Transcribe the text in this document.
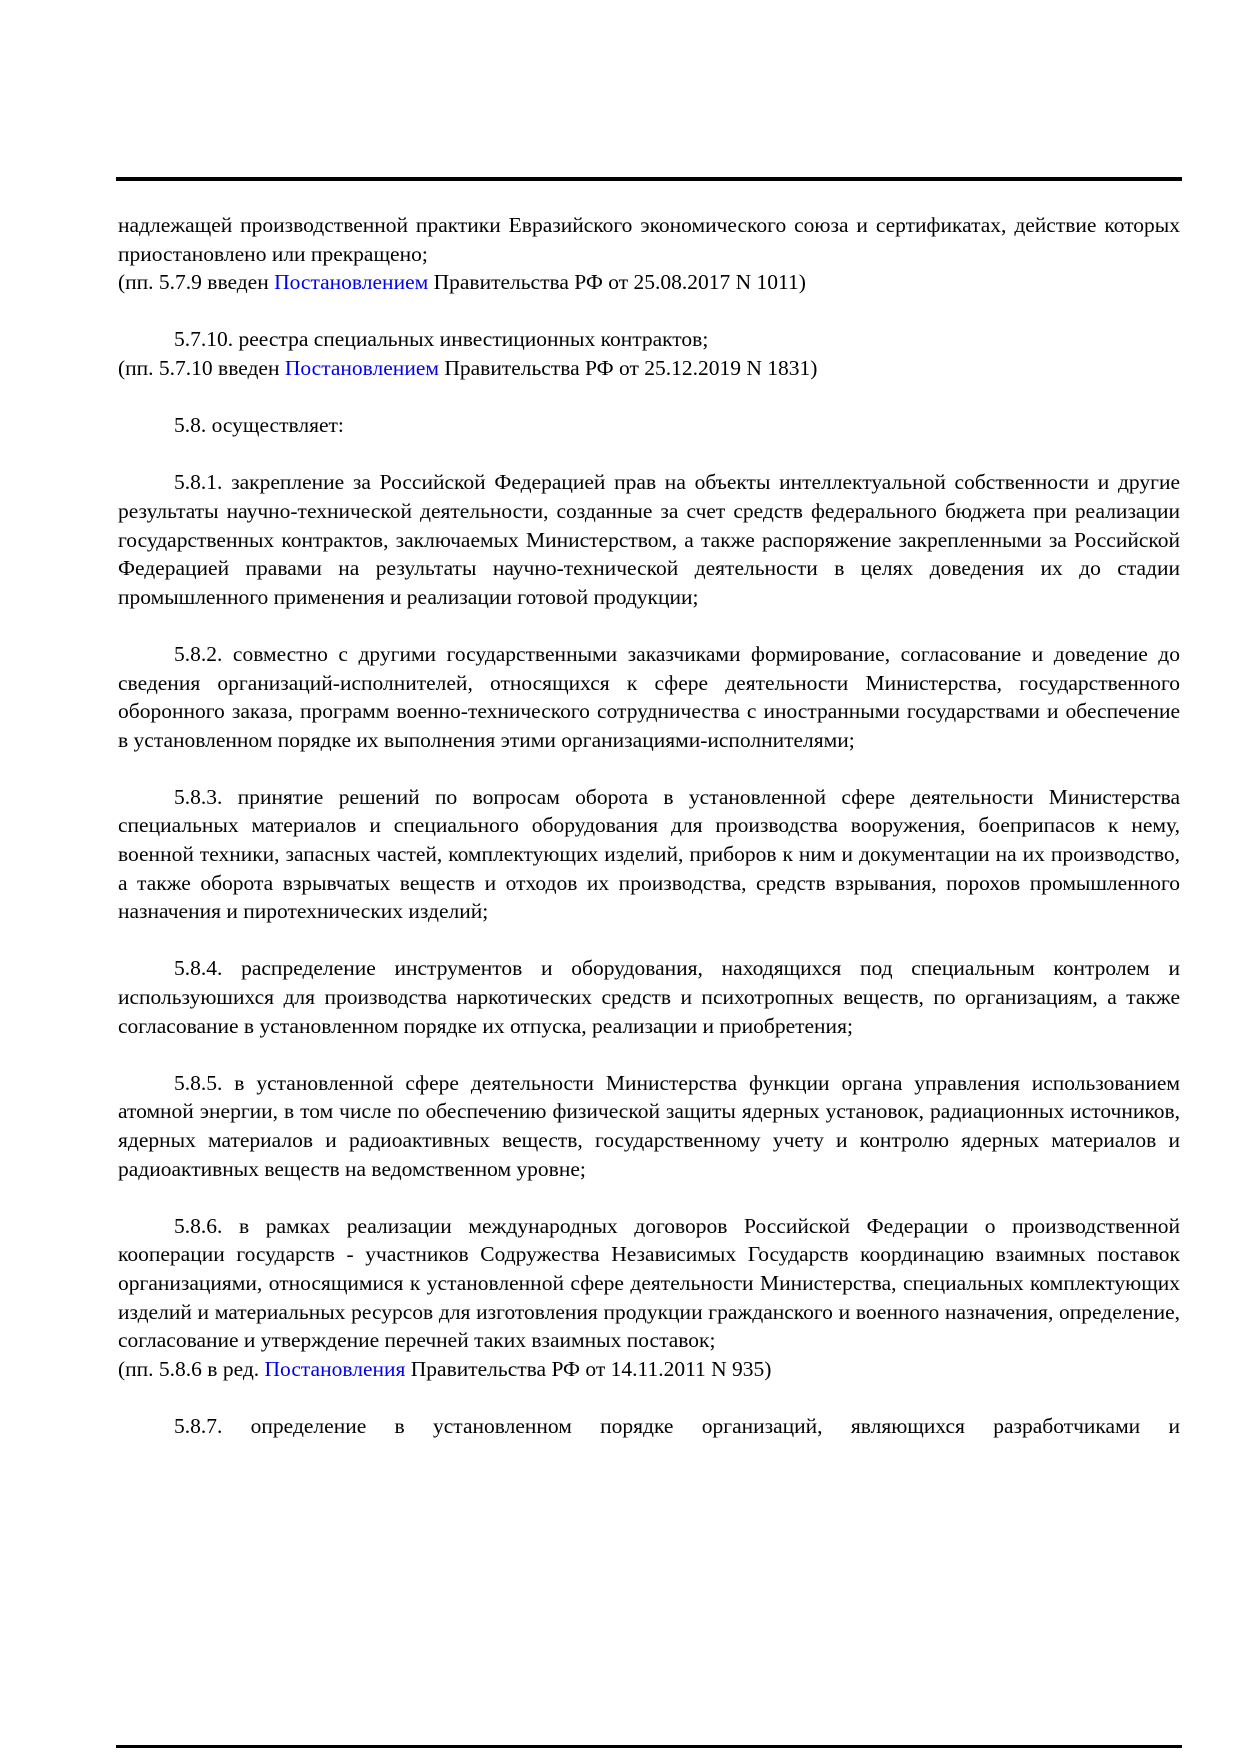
надлежащей производственной практики Евразийского экономического союза и сертификатах, действие которых приостановлено или прекращено;

(пп. 5.7.9 введен Постановлением Правительства РФ от 25.08.2017 N 1011)

5.7.10. реестра специальных инвестиционных контрактов;

(пп. 5.7.10 введен Постановлением Правительства РФ от 25.12.2019 N 1831)

5.8. осуществляет:

5.8.1. закрепление за Российской Федерацией прав на объекты интеллектуальной собственности и другие результаты научно-технической деятельности, созданные за счет средств федерального бюджета при реализации государственных контрактов, заключаемых Министерством, а также распоряжение закрепленными за Российской Федерацией правами на результаты научно-технической деятельности в целях доведения их до стадии промышленного применения и реализации готовой продукции;

5.8.2. совместно с другими государственными заказчиками формирование, согласование и доведение до сведения организаций-исполнителей, относящихся к сфере деятельности Министерства, государственного оборонного заказа, программ военно-технического сотрудничества с иностранными государствами и обеспечение в установленном порядке их выполнения этими организациями-исполнителями;

5.8.3. принятие решений по вопросам оборота в установленной сфере деятельности Министерства специальных материалов и специального оборудования для производства вооружения, боеприпасов к нему, военной техники, запасных частей, комплектующих изделий, приборов к ним и документации на их производство, а также оборота взрывчатых веществ и отходов их производства, средств взрывания, порохов промышленного назначения и пиротехнических изделий;

5.8.4. распределение инструментов и оборудования, находящихся под специальным контролем и используюшихся для производства наркотических средств и психотропных веществ, по организациям, а также согласование в установленном порядке их отпуска, реализации и приобретения;

5.8.5. в установленной сфере деятельности Министерства функции органа управления использованием атомной энергии, в том числе по обеспечению физической защиты ядерных установок, радиационных источников, ядерных материалов и радиоактивных веществ, государственному учету и контролю ядерных материалов и радиоактивных веществ на ведомственном уровне;

5.8.6. в рамках реализации международных договоров Российской Федерации о производственной кооперации государств - участников Содружества Независимых Государств координацию взаимных поставок организациями, относящимися к установленной сфере деятельности Министерства, специальных комплектующих изделий и материальных ресурсов для изготовления продукции гражданского и военного назначения, определение, согласование и утверждение перечней таких взаимных поставок;

(пп. 5.8.6 в ред. Постановления Правительства РФ от 14.11.2011 N 935)

5.8.7. определение в установленном порядке организаций, являющихся разработчиками и
